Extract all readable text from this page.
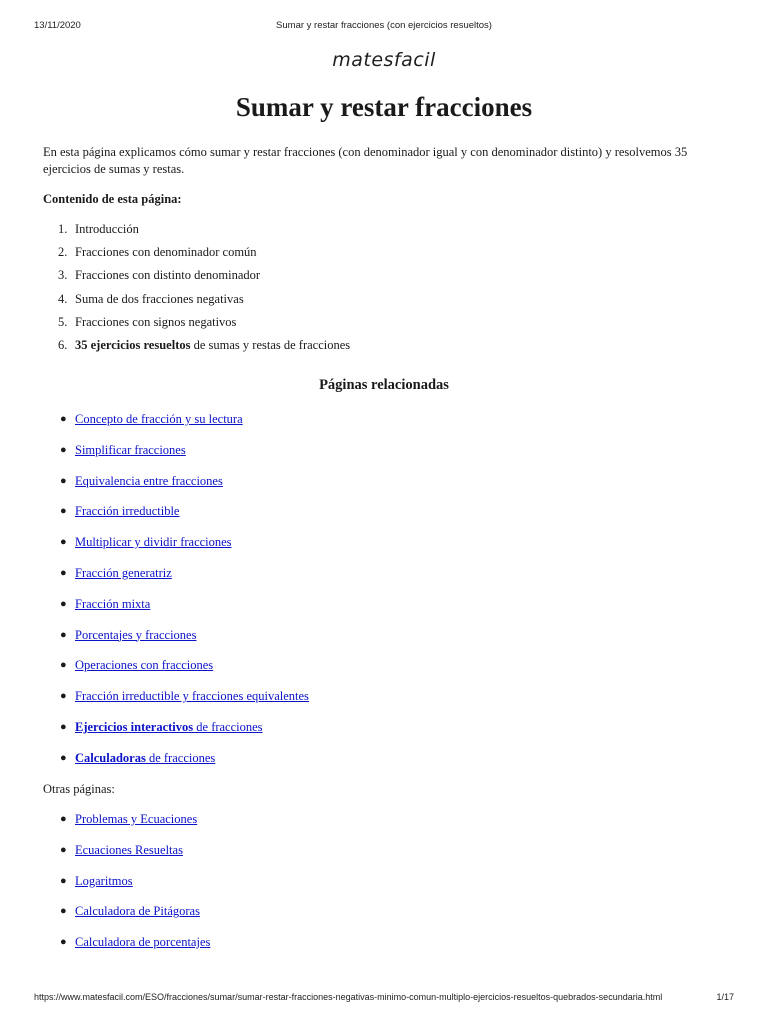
13/11/2020	Sumar y restar fracciones (con ejercicios resueltos)
matesfacil
Sumar y restar fracciones

En esta página explicamos cómo sumar y restar fracciones (con denominador igual y con denominador distinto) y resolvemos 35 ejercicios de sumas y restas.

Contenido de esta página:

1. Introducción
2. Fracciones con denominador común
3. Fracciones con distinto denominador
4. Suma de dos fracciones negativas
5. Fracciones con signos negativos
6. 35 ejercicios resueltos de sumas y restas de fracciones
Páginas relacionadas
● Concepto de fracción y su lectura
● Simplificar fracciones
● Equivalencia entre fracciones
● Fracción irreductible
● Multiplicar y dividir fracciones
● Fracción generatriz
● Fracción mixta
● Porcentajes y fracciones
● Operaciones con fracciones
● Fracción irreductible y fracciones equivalentes
● Ejercicios interactivos de fracciones
● Calculadoras de fracciones

Otras páginas:

● Problemas y Ecuaciones
● Ecuaciones Resueltas
● Logaritmos
● Calculadora de Pitágoras
● Calculadora de porcentajes
https://www.matesfacil.com/ESO/fracciones/sumar/sumar-restar-fracciones-negativas-minimo-comun-multiplo-ejercicios-resueltos-quebrados-secundaria.html	1/17
